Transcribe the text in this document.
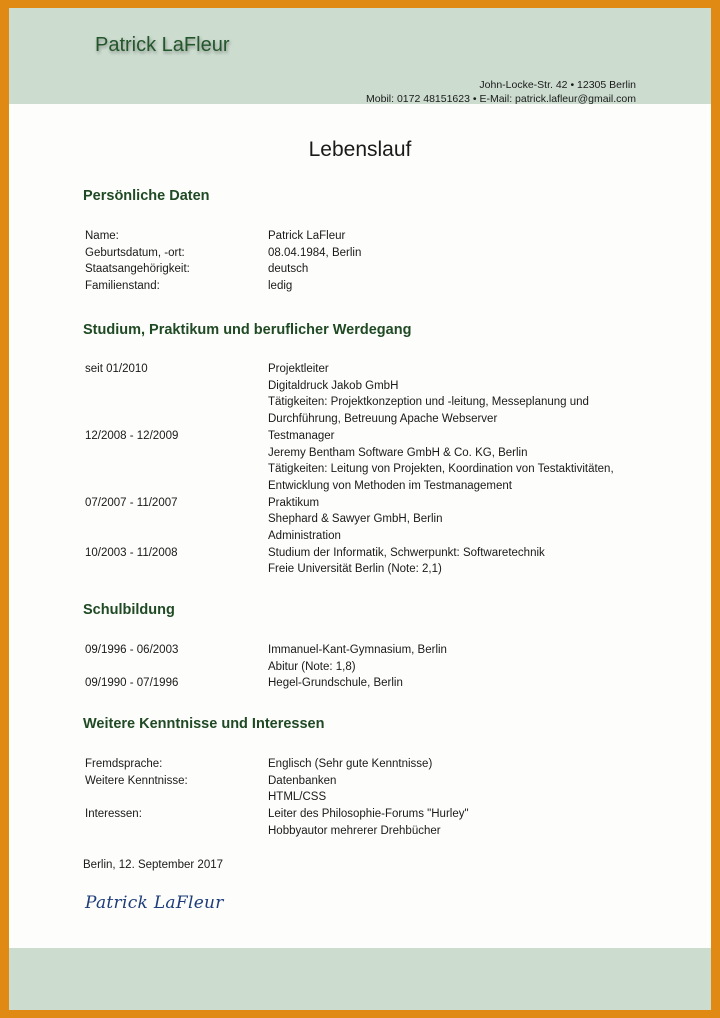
Patrick LaFleur
John-Locke-Str. 42 • 12305 Berlin
Mobil: 0172 48151623 • E-Mail: patrick.lafleur@gmail.com
Lebenslauf
Persönliche Daten
Name:	Patrick LaFleur
Geburtsdatum, -ort:	08.04.1984, Berlin
Staatsangehörigkeit:	deutsch
Familienstand:	ledig
Studium, Praktikum und beruflicher Werdegang
seit 01/2010	Projektleiter
Digitaldruck Jakob GmbH
Tätigkeiten: Projektkonzeption und -leitung, Messeplanung und
Durchführung, Betreuung Apache Webserver
12/2008 - 12/2009	Testmanager
Jeremy Bentham Software GmbH & Co. KG, Berlin
Tätigkeiten: Leitung von Projekten, Koordination von Testaktivitäten,
Entwicklung von Methoden im Testmanagement
07/2007 - 11/2007	Praktikum
Shephard & Sawyer GmbH, Berlin
Administration
10/2003 - 11/2008	Studium der Informatik, Schwerpunkt: Softwaretechnik
Freie Universität Berlin (Note: 2,1)
Schulbildung
09/1996 - 06/2003	Immanuel-Kant-Gymnasium, Berlin
Abitur (Note: 1,8)
09/1990 - 07/1996	Hegel-Grundschule, Berlin
Weitere Kenntnisse und Interessen
Fremdsprache:	Englisch (Sehr gute Kenntnisse)
Weitere Kenntnisse:	Datenbanken
HTML/CSS
Interessen:	Leiter des Philosophie-Forums "Hurley"
Hobbyautor mehrerer Drehbücher
Berlin, 12. September 2017
Patrick LaFleur
